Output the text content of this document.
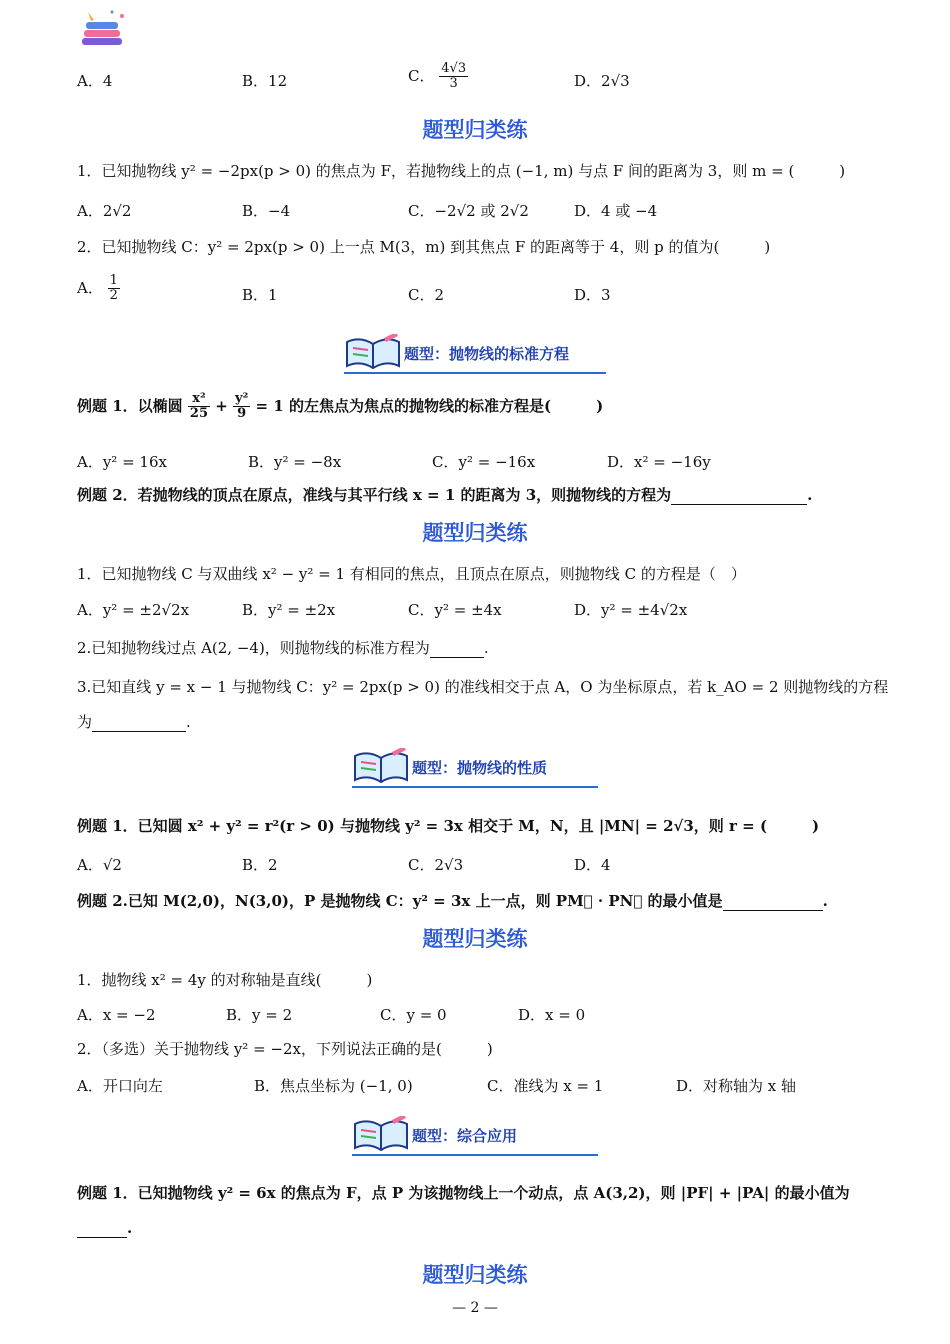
A．4	B．12	C． $\frac{4√3}{3}$	D．2√3
题型归类练
1．已知抛物线 y² = −2px(p > 0) 的焦点为 F，若抛物线上的点 (−1, m) 与点 F 间的距离为 3，则 m = (　　　)
A．2√2	B．−4	C．−2√2 或 2√2	D．4 或 −4
2．已知抛物线 C：y² = 2px(p > 0) 上一点 M(3，m) 到其焦点 F 的距离等于 4，则 p 的值为(　　　)
A． $\frac{1}{2}$	B．1	C．2	D．3
题型：抛物线的标准方程
例题 1．以椭圆 $\frac{\text{x²}}{25} + \frac{\text{y²}}{9} = 1$ 的左焦点为焦点的抛物线的标准方程是(　　　)
A．y² = 16x	B．y² = −8x	C．y² = −16x	D．x² = −16y
例题 2．若抛物线的顶点在原点，准线与其平行线 x = 1 的距离为 3，则抛物线的方程为	.
题型归类练
1．已知抛物线 C 与双曲线 x² − y² = 1 有相同的焦点，且顶点在原点，则抛物线 C 的方程是（　）
A．y² = ±2√2x	B．y² = ±2x	C．y² = ±4x	D．y² = ±4√2x
2.已知抛物线过点 A(2, −4)，则抛物线的标准方程为	.
3.已知直线 y = x − 1 与抛物线 C：y² = 2px(p > 0) 的准线相交于点 A，O 为坐标原点，若 k_AO = 2 则抛物线的方程
为	.
题型：抛物线的性质
例题 1．已知圆 x² + y² = r²(r > 0) 与抛物线 y² = 3x 相交于 M，N，且 |MN| = 2√3，则 r = (　　　)
A．√2	B．2	C．2√3	D．4
例题 2.已知 M(2,0)，N(3,0)，P 是抛物线 C：y² = 3x 上一点，则 PM⃗ · PN⃗ 的最小值是	.
题型归类练
1．抛物线 x² = 4y 的对称轴是直线(　　　)
A．x = −2	B．y = 2	C．y = 0	D．x = 0
2．（多选）关于抛物线 y² = −2x，下列说法正确的是(　　　)
A．开口向左	B．焦点坐标为 (−1, 0)	C．准线为 x = 1	D．对称轴为 x 轴
题型：综合应用
例题 1．已知抛物线 y² = 6x 的焦点为 F，点 P 为该抛物线上一个动点，点 A(3,2)，则 |PF| + |PA| 的最小值为
.
题型归类练
— 2 —
